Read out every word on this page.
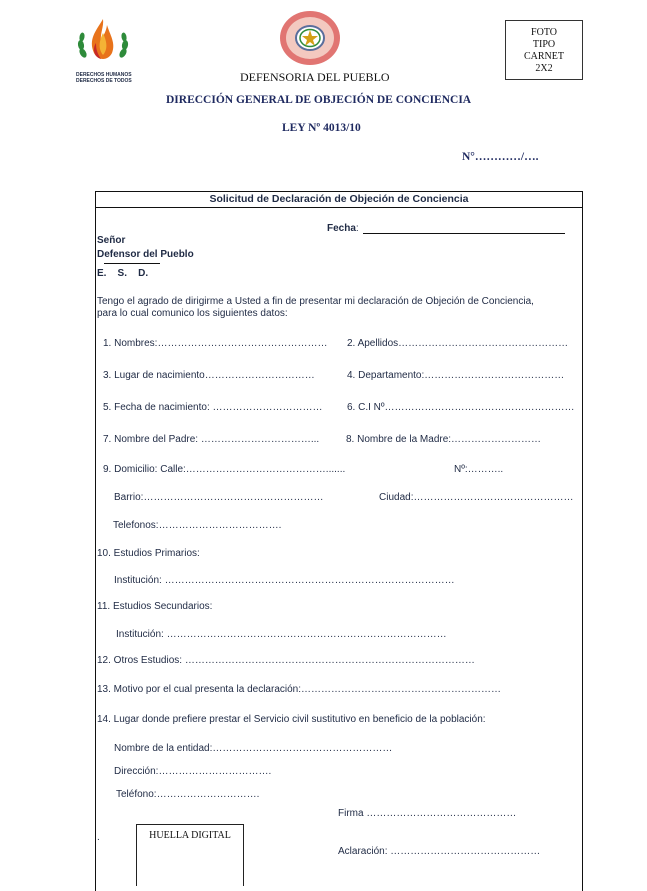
DERECHOS HUMANOS
DERECHOS DE TODOS	DEFENSORIA DEL PUEBLO
FOTO
TIPO
CARNET
2X2
DIRECCIÓN GENERAL DE OBJECIÓN DE CONCIENCIA
LEY Nº 4013/10
N°…………/….
Solicitud de Declaración de Objeción de Conciencia
Fecha:
Señor
Defensor del Pueblo
E.    S.    D.
Tengo el agrado de dirigirme a Usted a fin de presentar mi declaración de Objeción de Conciencia,
para lo cual comunico los siguientes datos:
1. Nombres:…………………………………………… 2. Apellidos……………………………………………
3. Lugar de nacimiento……………………………	4. Departamento:……………………………………
5. Fecha de nacimiento: …………………………… 6. C.I Nº…………………………………………………
7. Nombre del Padre: ……………………………...	8. Nombre de la Madre:………………………
9. Domicilio: Calle:…………………………………….......	Nº:………..
Barrio:………………………………………………	Ciudad:…………………………………………
Telefonos:……………………………….
10. Estudios Primarios:
Institución: ……………………………………………………………………………
11. Estudios Secundarios:
Institución: …………………………………………………………………………
12. Otros Estudios: ……………………………………………………………………………
13. Motivo por el cual presenta la declaración:……………………………………………………
14. Lugar donde prefiere prestar el Servicio civil sustitutivo en beneficio de la población:
Nombre de la entidad:………………………………………………
Dirección:…………………………….
Teléfono:………………………….
Firma ………………………………………
.	HUELLA DIGITAL
Aclaración: ………………………………………
